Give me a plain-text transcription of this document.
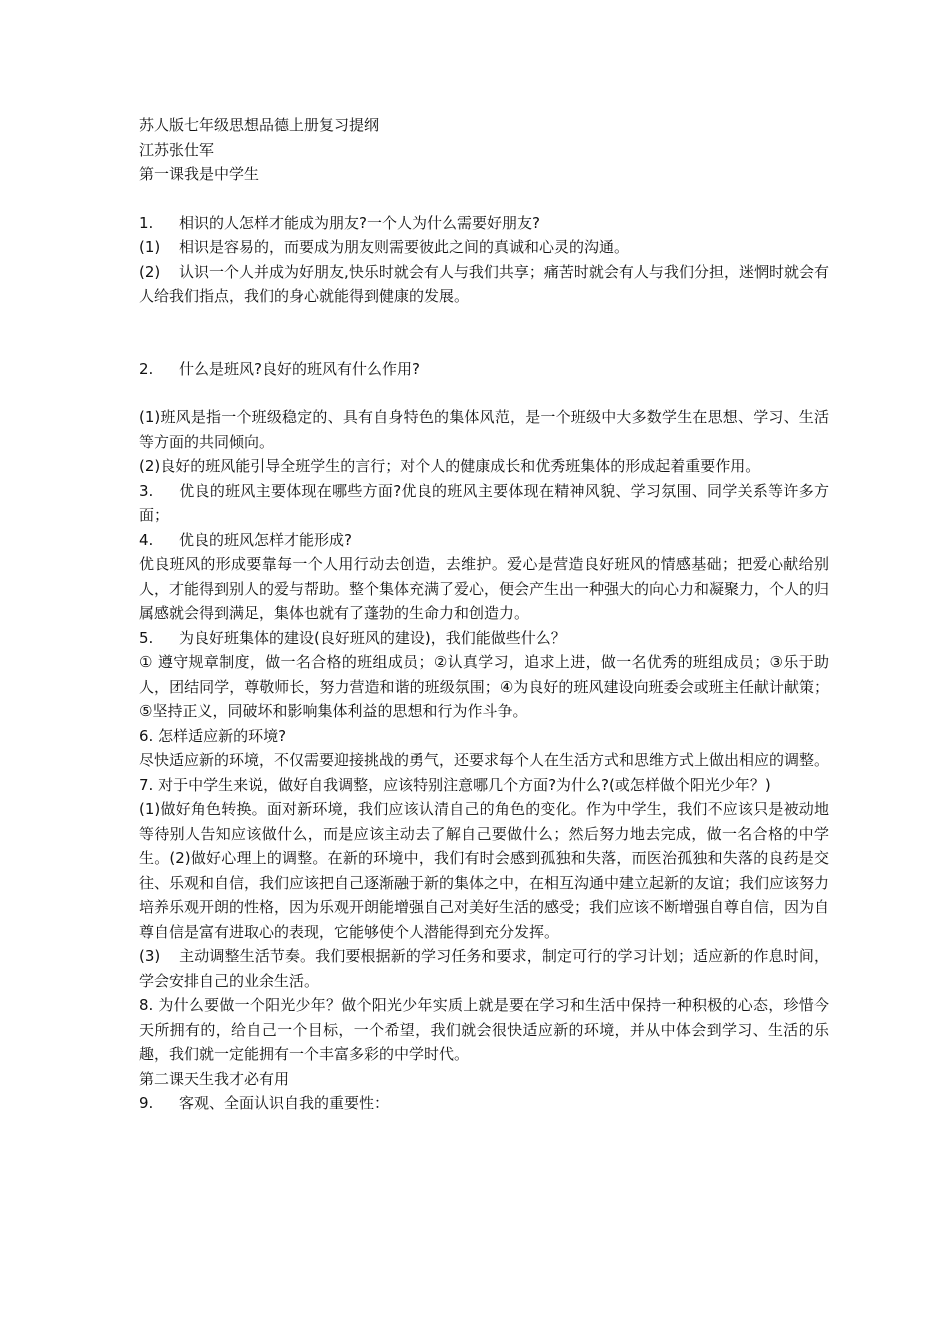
苏人版七年级思想品德上册复习提纲

江苏张仕军

第一课我是中学生

1. 相识的人怎样才能成为朋友?一个人为什么需要好朋友?

(1) 相识是容易的，而要成为朋友则需要彼此之间的真诚和心灵的沟通。

(2) 认识一个人并成为好朋友,快乐时就会有人与我们共享；痛苦时就会有人与我们分担，迷惘时就会有人给我们指点，我们的身心就能得到健康的发展。

2. 什么是班风?良好的班风有什么作用?

(1)班风是指一个班级稳定的、具有自身特色的集体风范，是一个班级中大多数学生在思想、学习、生活等方面的共同倾向。

(2)良好的班风能引导全班学生的言行；对个人的健康成长和优秀班集体的形成起着重要作用。

3. 优良的班风主要体现在哪些方面?优良的班风主要体现在精神风貌、学习氛围、同学关系等许多方面；

4. 优良的班风怎样才能形成?

优良班风的形成要靠每一个人用行动去创造，去维护。爱心是营造良好班风的情感基础；把爱心献给别人，才能得到别人的爱与帮助。整个集体充满了爱心，便会产生出一种强大的向心力和凝聚力，个人的归属感就会得到满足，集体也就有了蓬勃的生命力和创造力。

5. 为良好班集体的建设(良好班风的建设)，我们能做些什么？

① 遵守规章制度，做一名合格的班组成员；②认真学习，追求上进，做一名优秀的班组成员；③乐于助人，团结同学，尊敬师长，努力营造和谐的班级氛围；④为良好的班风建设向班委会或班主任献计献策；⑤坚持正义，同破坏和影响集体利益的思想和行为作斗争。

6. 怎样适应新的环境?

尽快适应新的环境，不仅需要迎接挑战的勇气，还要求每个人在生活方式和思维方式上做出相应的调整。

7. 对于中学生来说，做好自我调整，应该特别注意哪几个方面?为什么?(或怎样做个阳光少年？)

(1)做好角色转换。面对新环境，我们应该认清自己的角色的变化。作为中学生，我们不应该只是被动地等待别人告知应该做什么，而是应该主动去了解自己要做什么；然后努力地去完成，做一名合格的中学生。(2)做好心理上的调整。在新的环境中，我们有时会感到孤独和失落，而医治孤独和失落的良药是交往、乐观和自信，我们应该把自己逐渐融于新的集体之中，在相互沟通中建立起新的友谊；我们应该努力培养乐观开朗的性格，因为乐观开朗能增强自己对美好生活的感受；我们应该不断增强自尊自信，因为自尊自信是富有进取心的表现，它能够使个人潜能得到充分发挥。

(3) 主动调整生活节奏。我们要根据新的学习任务和要求，制定可行的学习计划；适应新的作息时间，学会安排自己的业余生活。

8. 为什么要做一个阳光少年？做个阳光少年实质上就是要在学习和生活中保持一种积极的心态，珍惜今天所拥有的，给自己一个目标，一个希望，我们就会很快适应新的环境，并从中体会到学习、生活的乐趣，我们就一定能拥有一个丰富多彩的中学时代。

第二课天生我才必有用

9. 客观、全面认识自我的重要性：
